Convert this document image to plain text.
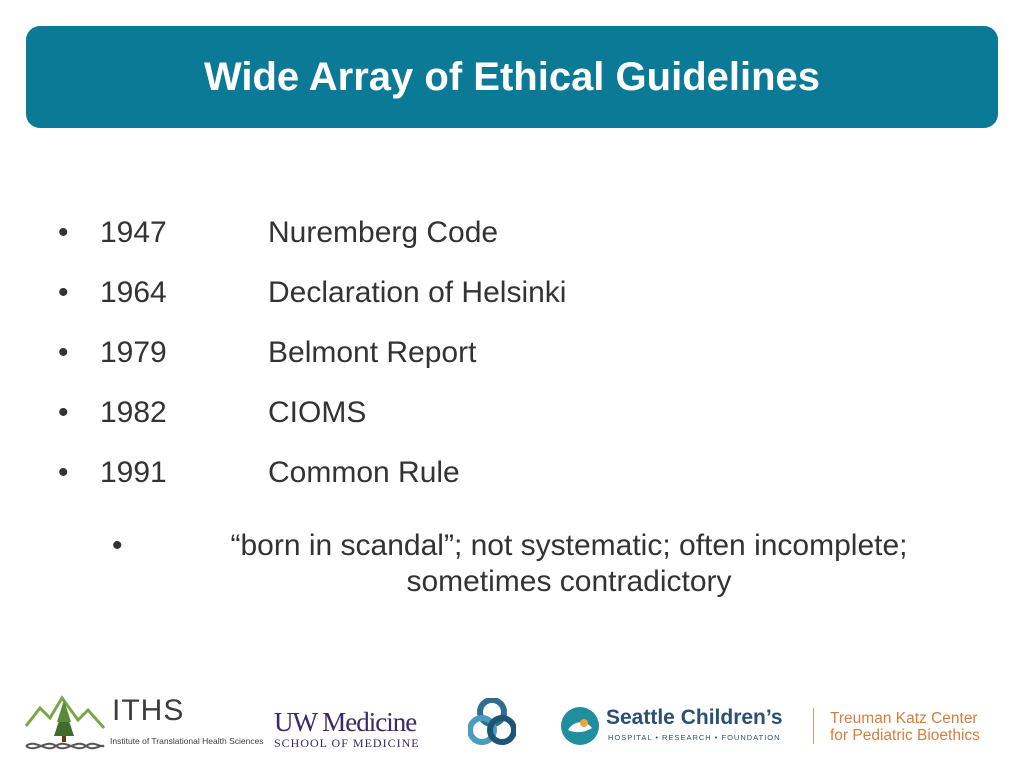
Wide Array of Ethical Guidelines
•	1947	Nuremberg Code
•	1964	Declaration of Helsinki
•	1979	Belmont Report
•	1982	CIOMS
•	1991	Common Rule
•	“born in scandal”; not systematic; often incomplete;
sometimes contradictory
ITHS
Institute of Translational Health Sciences
UW Medicine
SCHOOL OF MEDICINE
Seattle Children’s
HOSPITAL • RESEARCH • FOUNDATION
Treuman Katz Center
for Pediatric Bioethics
